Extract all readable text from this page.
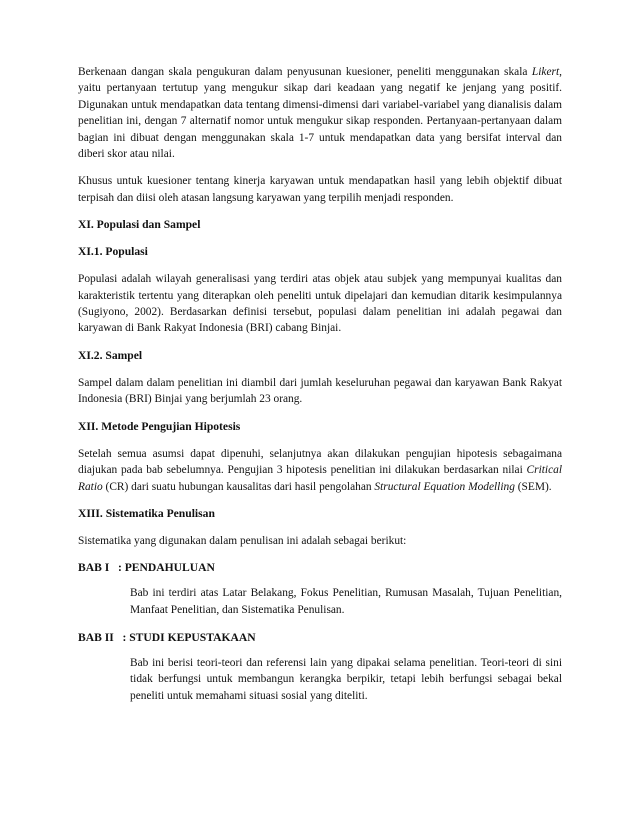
Berkenaan dangan skala pengukuran dalam penyusunan kuesioner, peneliti menggunakan skala Likert, yaitu pertanyaan tertutup yang mengukur sikap dari keadaan yang negatif ke jenjang yang positif. Digunakan untuk mendapatkan data tentang dimensi-dimensi dari variabel-variabel yang dianalisis dalam penelitian ini, dengan 7 alternatif nomor untuk mengukur sikap responden. Pertanyaan-pertanyaan dalam bagian ini dibuat dengan menggunakan skala 1-7 untuk mendapatkan data yang bersifat interval dan diberi skor atau nilai.

Khusus untuk kuesioner tentang kinerja karyawan untuk mendapatkan hasil yang lebih objektif dibuat terpisah dan diisi oleh atasan langsung karyawan yang terpilih menjadi responden.

XI. Populasi dan Sampel
XI.1. Populasi

Populasi adalah wilayah generalisasi yang terdiri atas objek atau subjek yang mempunyai kualitas dan karakteristik tertentu yang diterapkan oleh peneliti untuk dipelajari dan kemudian ditarik kesimpulannya (Sugiyono, 2002). Berdasarkan definisi tersebut, populasi dalam penelitian ini adalah pegawai dan karyawan di Bank Rakyat Indonesia (BRI) cabang Binjai.

XI.2. Sampel

Sampel dalam dalam penelitian ini diambil dari jumlah keseluruhan pegawai dan karyawan Bank Rakyat Indonesia (BRI) Binjai yang berjumlah 23 orang.

XII. Metode Pengujian Hipotesis

Setelah semua asumsi dapat dipenuhi, selanjutnya akan dilakukan pengujian hipotesis sebagaimana diajukan pada bab sebelumnya. Pengujian 3 hipotesis penelitian ini dilakukan berdasarkan nilai Critical Ratio (CR) dari suatu hubungan kausalitas dari hasil pengolahan Structural Equation Modelling (SEM).

XIII. Sistematika Penulisan

Sistematika yang digunakan dalam penulisan ini adalah sebagai berikut:

BAB I : PENDAHULUAN

Bab ini terdiri atas Latar Belakang, Fokus Penelitian, Rumusan Masalah, Tujuan Penelitian, Manfaat Penelitian, dan Sistematika Penulisan.

BAB II : STUDI KEPUSTAKAAN

Bab ini berisi teori-teori dan referensi lain yang dipakai selama penelitian. Teori-teori di sini tidak berfungsi untuk membangun kerangka berpikir, tetapi lebih berfungsi sebagai bekal peneliti untuk memahami situasi sosial yang diteliti.
